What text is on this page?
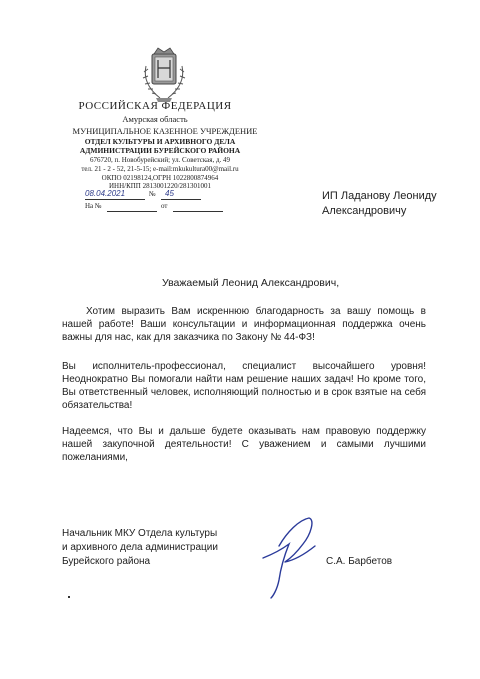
РОССИЙСКАЯ ФЕДЕРАЦИЯ
Амурская область
МУНИЦИПАЛЬНОЕ КАЗЕННОЕ УЧРЕЖДЕНИЕ
ОТДЕЛ КУЛЬТУРЫ И АРХИВНОГО ДЕЛА
АДМИНИСТРАЦИИ БУРЕЙСКОГО РАЙОНА
676720, п. Новобурейский; ул. Советская, д. 49
тел. 21 - 2 - 52, 21-5-15; e-mail:mkukultura00@mail.ru
ОКПО 02198124,ОГРН 1022800874964
ИНН/КПП 2813001220/281301001
08.04.2021	№ 45
На №	от
ИП Ладанову Леониду
Александровичу
Уважаемый Леонид Александрович,
Хотим выразить Вам искреннюю благодарность за вашу помощь в нашей работе! Ваши консультации и информационная поддержка очень важны для нас, как для заказчика по Закону № 44-ФЗ!
Вы исполнитель-профессионал, специалист высочайшего уровня! Неоднократно Вы помогали найти нам решение наших задач! Но кроме того, Вы ответственный человек, исполняющий полностью и в срок взятые на себя обязательства!
Надеемся, что Вы и дальше будете оказывать нам правовую поддержку нашей закупочной деятельности! С уважением и самыми лучшими пожеланиями,
Начальник МКУ Отдела культуры
и архивного дела администрации
Бурейского района	С.А. Барбетов
